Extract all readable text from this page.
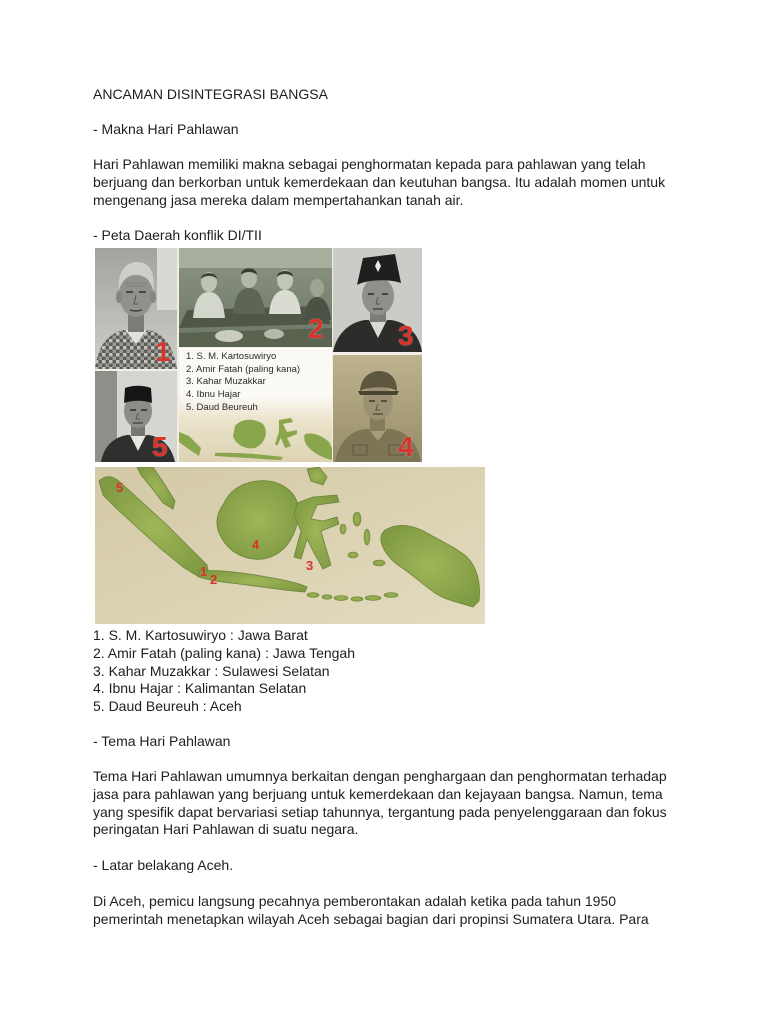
ANCAMAN DISINTEGRASI BANGSA
- Makna Hari Pahlawan
Hari Pahlawan memiliki makna sebagai penghormatan kepada para pahlawan yang telah
berjuang dan berkorban untuk kemerdekaan dan keutuhan bangsa. Itu adalah momen untuk
mengenang jasa mereka dalam mempertahankan tanah air.
- Peta Daerah konflik DI/TII
1
2	3
1. S. M. Kartosuwiryo
2. Amir Fatah (paling kana)
3. Kahar Muzakkar
4. Ibnu Hajar
5. Daud Beureuh
5	4
5
1
2
4
3
1. S. M. Kartosuwiryo : Jawa Barat
2. Amir Fatah (paling kana) : Jawa Tengah
3. Kahar Muzakkar : Sulawesi Selatan
4. Ibnu Hajar : Kalimantan Selatan
5. Daud Beureuh : Aceh
- Tema Hari Pahlawan
Tema Hari Pahlawan umumnya berkaitan dengan penghargaan dan penghormatan terhadap
jasa para pahlawan yang berjuang untuk kemerdekaan dan kejayaan bangsa. Namun, tema
yang spesifik dapat bervariasi setiap tahunnya, tergantung pada penyelenggaraan dan fokus
peringatan Hari Pahlawan di suatu negara.
- Latar belakang Aceh.
Di Aceh, pemicu langsung pecahnya pemberontakan adalah ketika pada tahun 1950
pemerintah menetapkan wilayah Aceh sebagai bagian dari propinsi Sumatera Utara. Para
